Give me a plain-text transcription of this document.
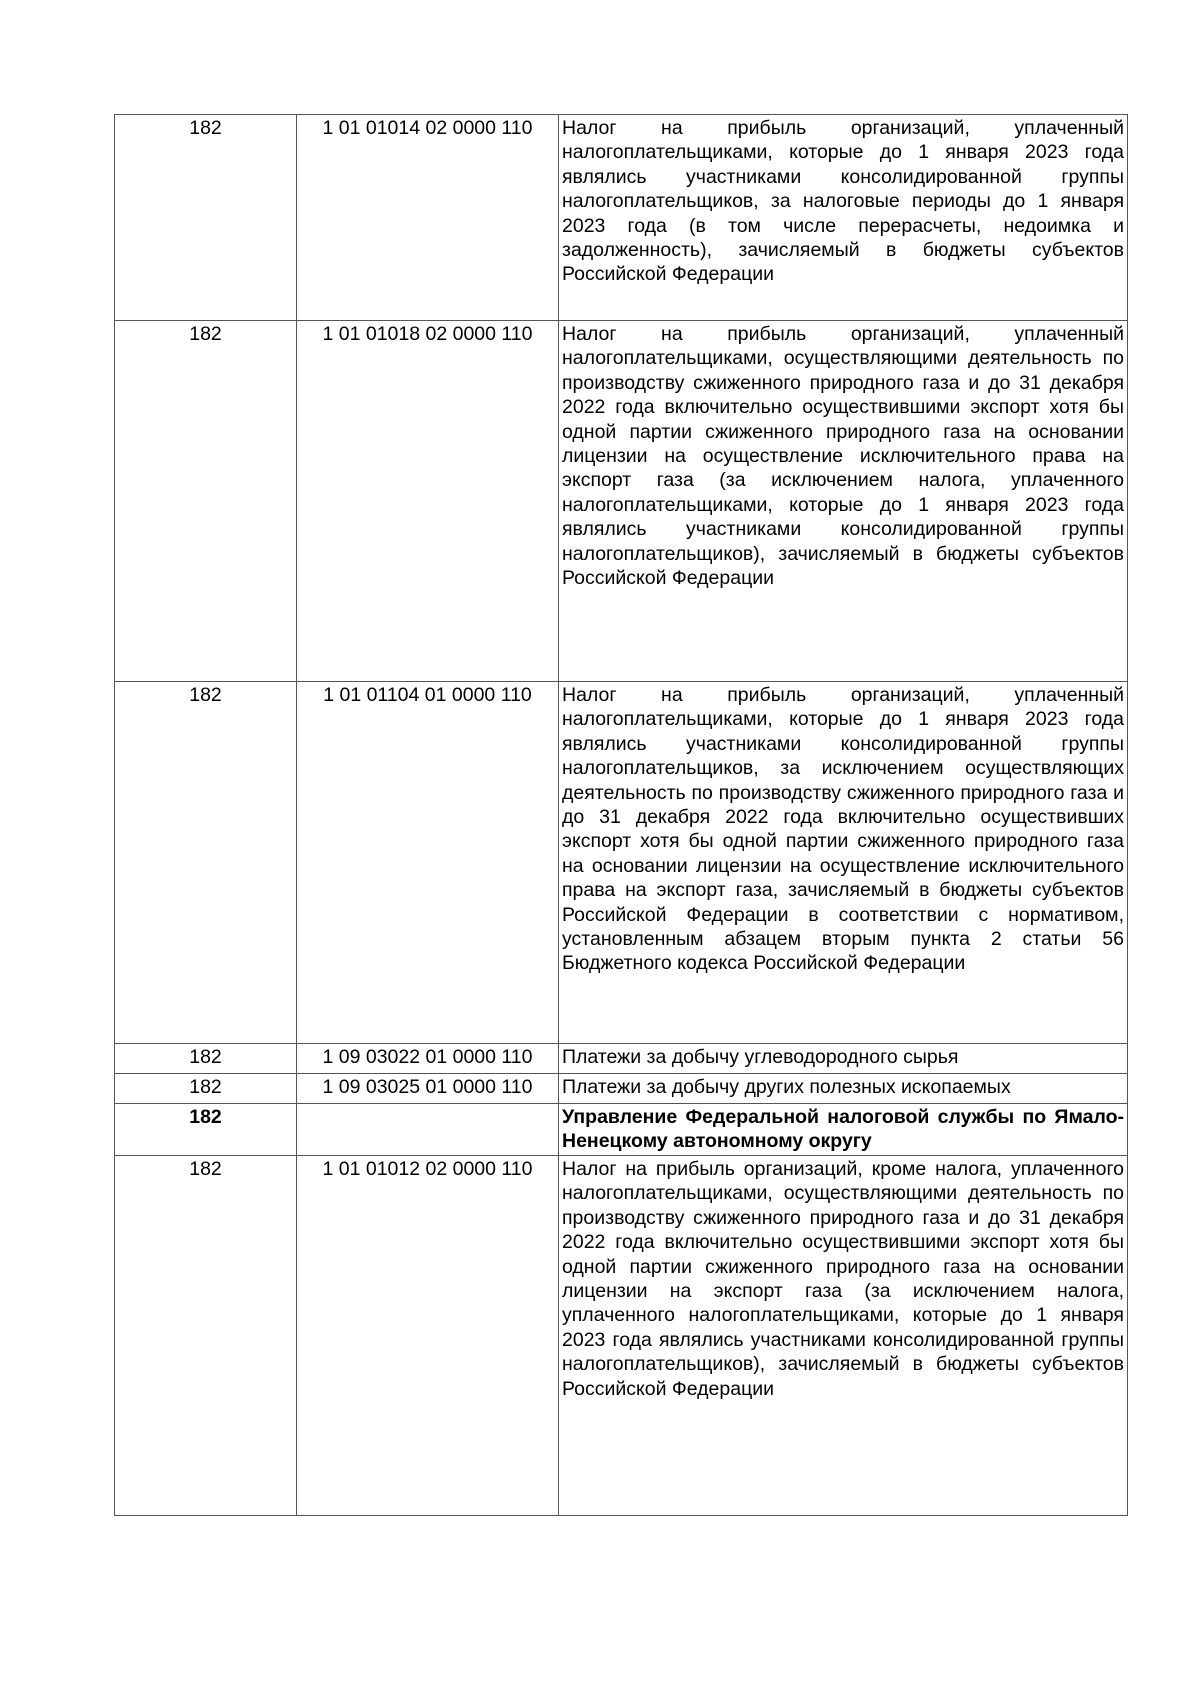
182	1 01 01014 02 0000 110	Налог на прибыль организаций, уплаченный налогоплательщиками, которые до 1 января 2023 года являлись участниками консолидированной группы налогоплательщиков, за налоговые периоды до 1 января 2023 года (в том числе перерасчеты, недоимка и задолженность), зачисляемый в бюджеты субъектов Российской Федерации
182	1 01 01018 02 0000 110	Налог на прибыль организаций, уплаченный налогоплательщиками, осуществляющими деятельность по производству сжиженного природного газа и до 31 декабря 2022 года включительно осуществившими экспорт хотя бы одной партии сжиженного природного газа на основании лицензии на осуществление исключительного права на экспорт газа (за исключением налога, уплаченного налогоплательщиками, которые до 1 января 2023 года являлись участниками консолидированной группы налогоплательщиков), зачисляемый в бюджеты субъектов Российской Федерации
182	1 01 01104 01 0000 110	Налог на прибыль организаций, уплаченный налогоплательщиками, которые до 1 января 2023 года являлись участниками консолидированной группы налогоплательщиков, за исключением осуществляющих деятельность по производству сжиженного природного газа и до 31 декабря 2022 года включительно осуществивших экспорт хотя бы одной партии сжиженного природного газа на основании лицензии на осуществление исключительного права на экспорт газа, зачисляемый в бюджеты субъектов Российской Федерации в соответствии с нормативом, установленным абзацем вторым пункта 2 статьи 56 Бюджетного кодекса Российской Федерации
182	1 09 03022 01 0000 110	Платежи за добычу углеводородного сырья
182	1 09 03025 01 0000 110	Платежи за добычу других полезных ископаемых
182		Управление Федеральной налоговой службы по Ямало-Ненецкому автономному округу
182	1 01 01012 02 0000 110	Налог на прибыль организаций, кроме налога, уплаченного налогоплательщиками, осуществляющими деятельность по производству сжиженного природного газа и до 31 декабря 2022 года включительно осуществившими экспорт хотя бы одной партии сжиженного природного газа на основании лицензии на экспорт газа (за исключением налога, уплаченного налогоплательщиками, которые до 1 января 2023 года являлись участниками консолидированной группы налогоплательщиков), зачисляемый в бюджеты субъектов Российской Федерации
